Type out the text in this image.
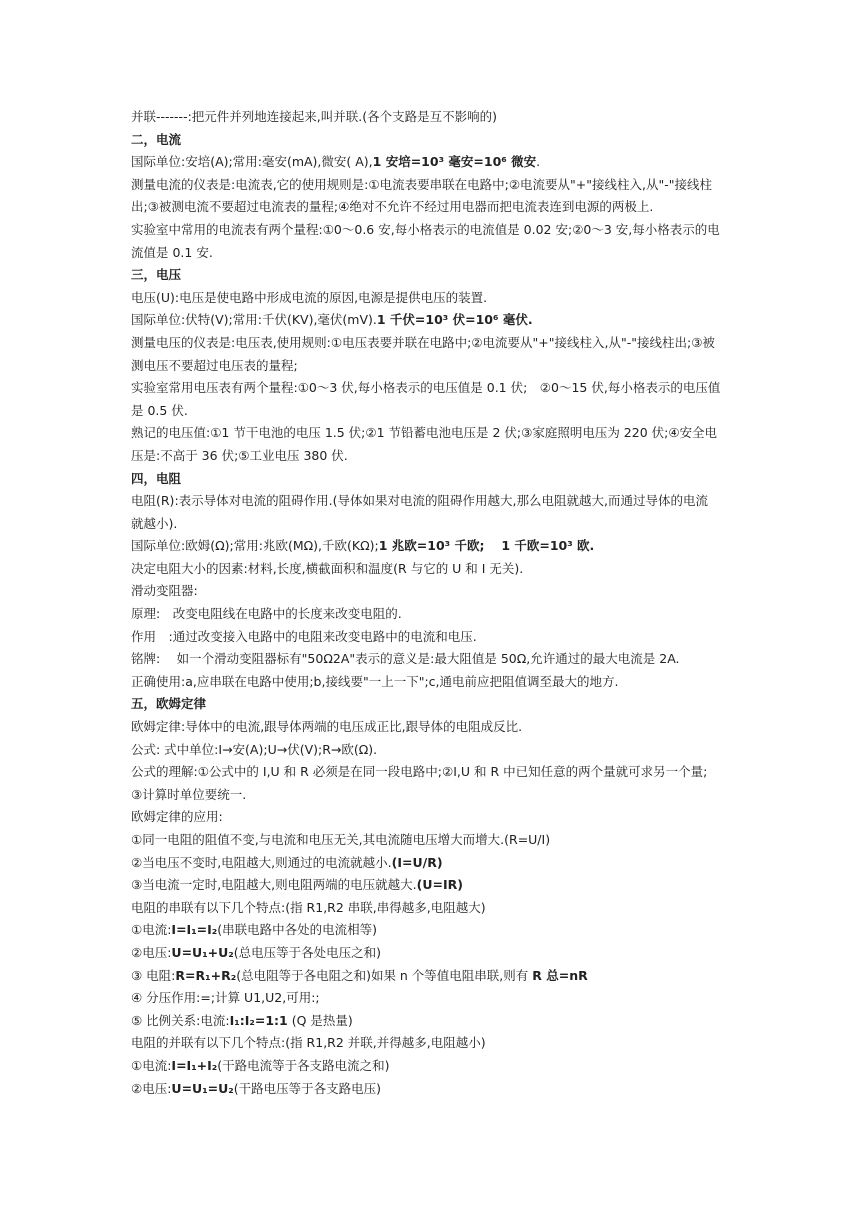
并联-------:把元件并列地连接起来,叫并联.(各个支路是互不影响的)
二，电流
国际单位:安培(A);常用:毫安(mA),微安( A),1 安培=10³ 毫安=10⁶ 微安.
测量电流的仪表是:电流表,它的使用规则是:①电流表要串联在电路中;②电流要从"+"接线柱入,从"-"接线柱
出;③被测电流不要超过电流表的量程;④绝对不允许不经过用电器而把电流表连到电源的两极上.
实验室中常用的电流表有两个量程:①0～0.6 安,每小格表示的电流值是 0.02 安;②0～3 安,每小格表示的电
流值是 0.1 安.
三，电压
电压(U):电压是使电路中形成电流的原因,电源是提供电压的装置.
国际单位:伏特(V);常用:千伏(KV),毫伏(mV).1 千伏=10³ 伏=10⁶ 毫伏.
测量电压的仪表是:电压表,使用规则:①电压表要并联在电路中;②电流要从"+"接线柱入,从"-"接线柱出;③被
测电压不要超过电压表的量程;
实验室常用电压表有两个量程:①0～3 伏,每小格表示的电压值是 0.1 伏;　②0～15 伏,每小格表示的电压值
是 0.5 伏.
熟记的电压值:①1 节干电池的电压 1.5 伏;②1 节铅蓄电池电压是 2 伏;③家庭照明电压为 220 伏;④安全电
压是:不高于 36 伏;⑤工业电压 380 伏.
四，电阻
电阻(R):表示导体对电流的阻碍作用.(导体如果对电流的阻碍作用越大,那么电阻就越大,而通过导体的电流
就越小).
国际单位:欧姆(Ω);常用:兆欧(MΩ),千欧(KΩ);1 兆欧=10³ 千欧;　 1 千欧=10³ 欧.
决定电阻大小的因素:材料,长度,横截面积和温度(R 与它的 U 和 I 无关).
滑动变阻器:
原理:　改变电阻线在电路中的长度来改变电阻的.
作用　:通过改变接入电路中的电阻来改变电路中的电流和电压.
铭牌:　 如一个滑动变阻器标有"50Ω2A"表示的意义是:最大阻值是 50Ω,允许通过的最大电流是 2A.
正确使用:a,应串联在电路中使用;b,接线要"一上一下";c,通电前应把阻值调至最大的地方.
五，欧姆定律
欧姆定律:导体中的电流,跟导体两端的电压成正比,跟导体的电阻成反比.
公式: 式中单位:I→安(A);U→伏(V);R→欧(Ω).
公式的理解:①公式中的 I,U 和 R 必须是在同一段电路中;②I,U 和 R 中已知任意的两个量就可求另一个量;
③计算时单位要统一.
欧姆定律的应用:
①同一电阻的阻值不变,与电流和电压无关,其电流随电压增大而增大.(R=U/I)
②当电压不变时,电阻越大,则通过的电流就越小.(I=U/R)
③当电流一定时,电阻越大,则电阻两端的电压就越大.(U=IR)
电阻的串联有以下几个特点:(指 R1,R2 串联,串得越多,电阻越大)
①电流:I=I₁=I₂(串联电路中各处的电流相等)
②电压:U=U₁+U₂(总电压等于各处电压之和)
③ 电阻:R=R₁+R₂(总电阻等于各电阻之和)如果 n 个等值电阻串联,则有 R 总=nR
④ 分压作用:=;计算 U1,U2,可用:;
⑤ 比例关系:电流:I₁:I₂=1:1 (Q 是热量)
电阻的并联有以下几个特点:(指 R1,R2 并联,并得越多,电阻越小)
①电流:I=I₁+I₂(干路电流等于各支路电流之和)
②电压:U=U₁=U₂(干路电压等于各支路电压)
